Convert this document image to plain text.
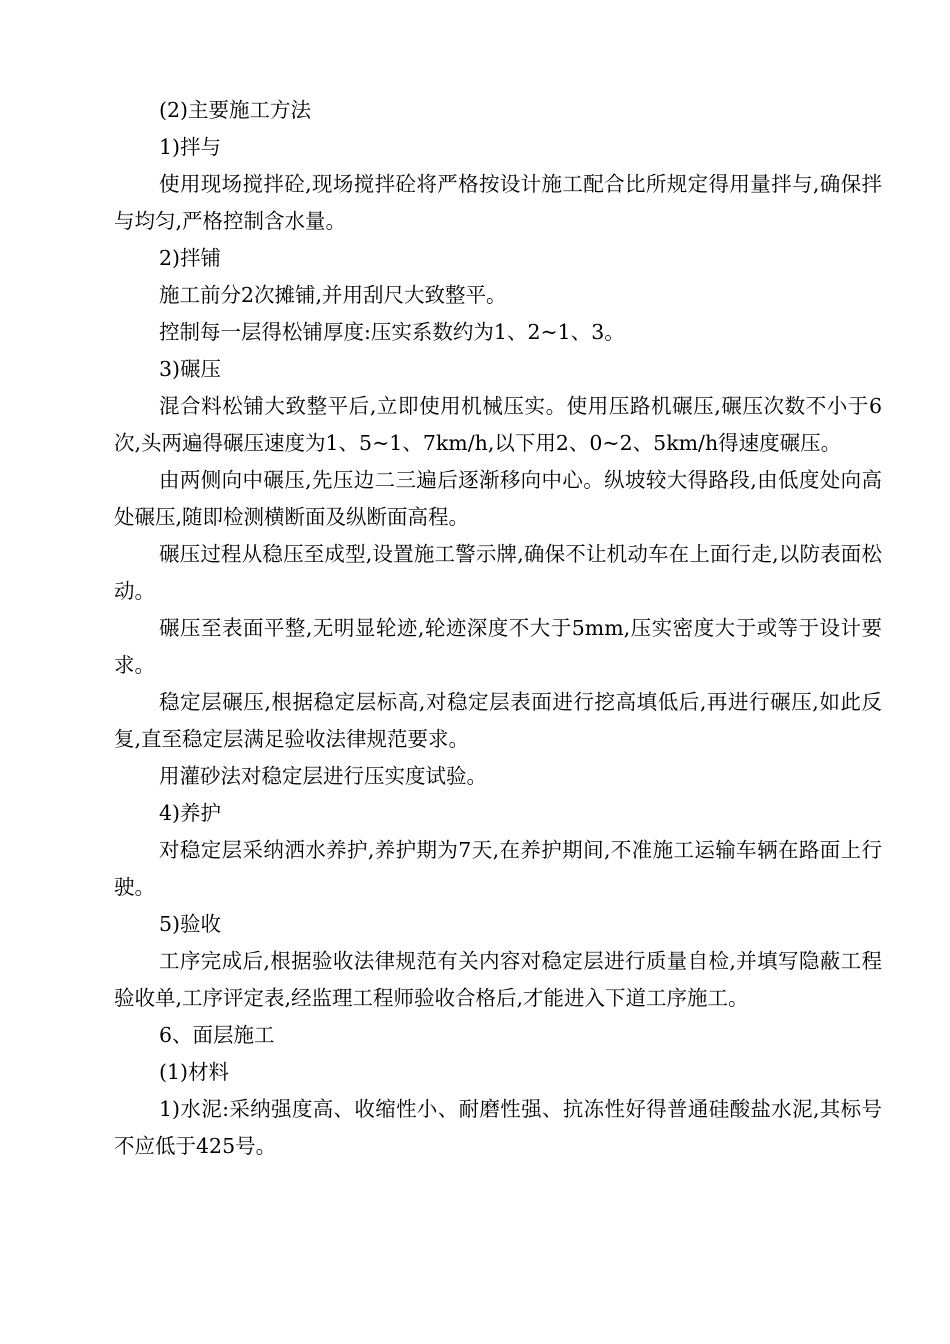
(2)主要施工方法

1)拌与

使用现场搅拌砼,现场搅拌砼将严格按设计施工配合比所规定得用量拌与,确保拌与均匀,严格控制含水量。

2)拌铺

施工前分2次摊铺,并用刮尺大致整平。

控制每一层得松铺厚度:压实系数约为1、2~1、3。

3)碾压

混合料松铺大致整平后,立即使用机械压实。使用压路机碾压,碾压次数不小于6次,头两遍得碾压速度为1、5~1、7km/h,以下用2、0~2、5km/h得速度碾压。

由两侧向中碾压,先压边二三遍后逐渐移向中心。纵坡较大得路段,由低度处向高处碾压,随即检测横断面及纵断面高程。

碾压过程从稳压至成型,设置施工警示牌,确保不让机动车在上面行走,以防表面松动。

碾压至表面平整,无明显轮迹,轮迹深度不大于5mm,压实密度大于或等于设计要求。

稳定层碾压,根据稳定层标高,对稳定层表面进行挖高填低后,再进行碾压,如此反复,直至稳定层满足验收法律规范要求。

用灌砂法对稳定层进行压实度试验。

4)养护

对稳定层采纳洒水养护,养护期为7天,在养护期间,不准施工运输车辆在路面上行驶。

5)验收

工序完成后,根据验收法律规范有关内容对稳定层进行质量自检,并填写隐蔽工程验收单,工序评定表,经监理工程师验收合格后,才能进入下道工序施工。

6、面层施工

(1)材料

1)水泥:采纳强度高、收缩性小、耐磨性强、抗冻性好得普通硅酸盐水泥,其标号不应低于425号。
